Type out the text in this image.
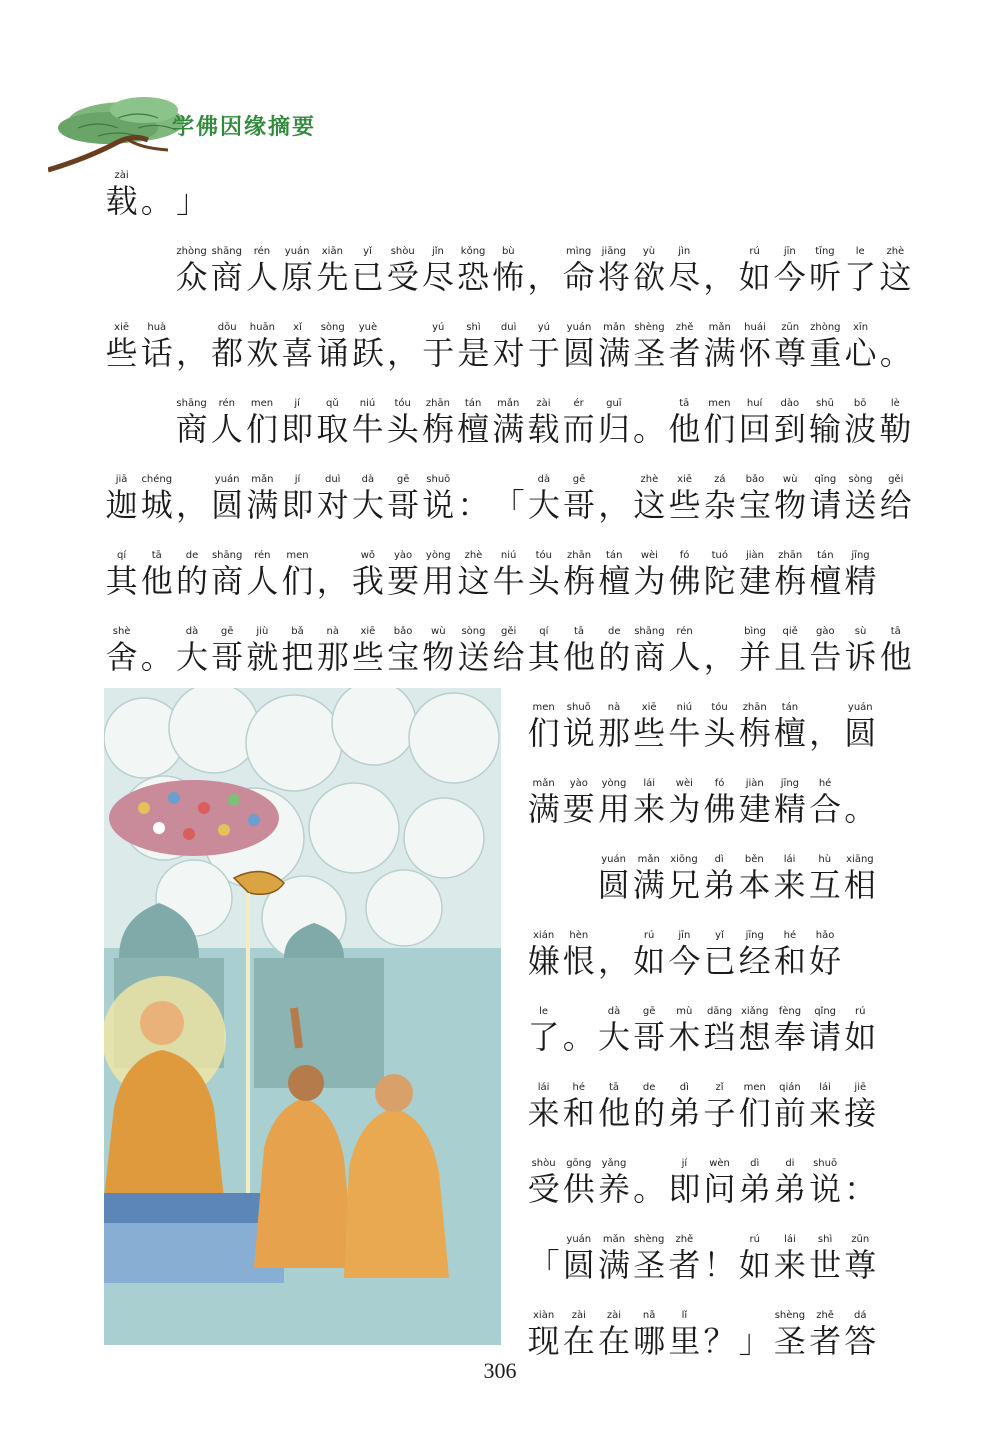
学佛因缘摘要
zài
载 。 」
zhòng
众
shāng
商
rén
人
yuán
原
xiān
先
yǐ
已
shòu
受
jǐn
尽
kǒng
恐
bù
怖 ，
mìng
命
jiāng
将
yù
欲
jìn
尽 ，
rú
如
jīn
今
tīng
听
le
了
zhè
这
xiē
些
huà
话 ，
dōu
都
huān
欢
xǐ
喜
sòng
诵
yuè
跃 ，
yú
于
shì
是
duì
对
yú
于
yuán
圆
mǎn
满
shèng
圣
zhě
者
mǎn
满
huái
怀
zūn
尊
zhòng
重
xīn
心 。
shāng
商
rén
人
men
们
jí
即
qǔ
取
niú
牛
tóu
头
zhān
栴
tán
檀
mǎn
满
zài
载
ér
而
guī
归 。
tā
他
men
们
huí
回
dào
到
shū
输
bō
波
lè
勒
jiā
迦
chéng
城 ，
yuán
圆
mǎn
满
jí
即
duì
对
dà
大
gē
哥
shuō
说 ： 「
dà
大
gē
哥 ，
zhè
这
xiē
些
zá
杂
bǎo
宝
wù
物
qǐng
请
sòng
送
gěi
给
qí
其
tā
他
de
的
shāng
商
rén
人
men
们 ，
wǒ
我
yào
要
yòng
用
zhè
这
niú
牛
tóu
头
zhān
栴
tán
檀
wèi
为
fó
佛
tuó
陀
jiàn
建
zhān
栴
tán
檀
jīng
精
shè
舍 。
dà
大
gē
哥
jiù
就
bǎ
把
nà
那
xiē
些
bǎo
宝
wù
物
sòng
送
gěi
给
qí
其
tā
他
de
的
shāng
商
rén
人 ，
bìng
并
qiě
且
gào
告
sù
诉
tā
他
men
们
shuō
说
nà
那
xiē
些
niú
牛
tóu
头
zhān
栴
tán
檀 ，
yuán
圆
mǎn
满
yào
要
yòng
用
lái
来
wèi
为
fó
佛
jiàn
建
jīng
精
hé
合 。
yuán
圆
mǎn
满
xiōng
兄
dì
弟
běn
本
lái
来
hù
互
xiāng
相
xián
嫌
hèn
恨 ，
rú
如
jīn
今
yǐ
已
jīng
经
hé
和
hǎo
好
le
了 。
dà
大
gē
哥
mù
木
dāng
珰
xiǎng
想
fèng
奉
qǐng
请
rú
如
lái
来
hé
和
tā
他
de
的
dì
弟
zǐ
子
men
们
qián
前
lái
来
jiē
接
shòu
受
gōng
供
yǎng
养 。
jí
即
wèn
问
dì
弟
di
弟
shuō
说 ：
「
yuán
圆
mǎn
满
shèng
圣
zhě
者 ！
rú
如
lái
来
shì
世
zūn
尊
xiàn
现
zài
在
zài
在
nǎ
哪
lǐ
里 ？ 」
shèng
圣
zhě
者
dá
答
306
